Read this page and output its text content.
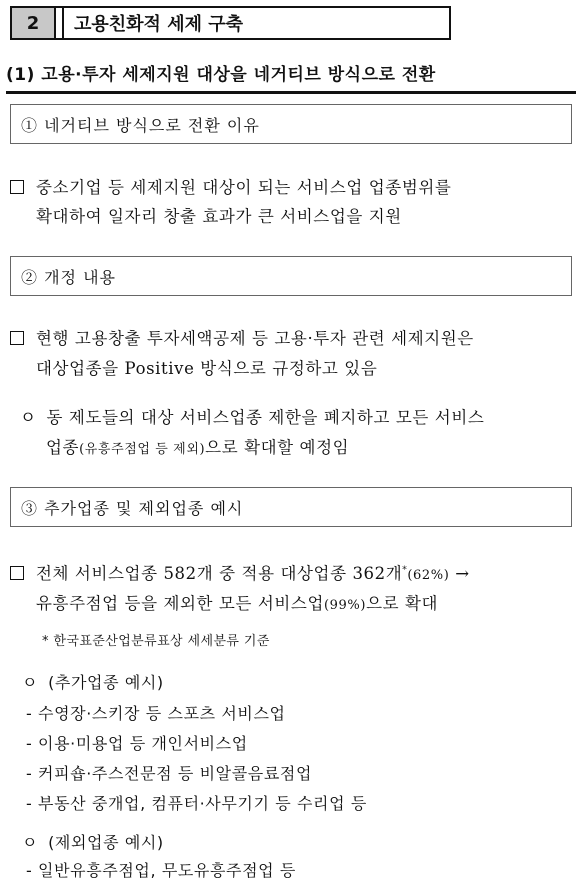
2	고용친화적 세제 구축
(1) 고용·투자 세제지원 대상을 네거티브 방식으로 전환
① 네거티브 방식으로 전환 이유
중소기업 등 세제지원 대상이 되는 서비스업 업종범위를
확대하여 일자리 창출 효과가 큰 서비스업을 지원
② 개정 내용
현행 고용창출 투자세액공제 등 고용·투자 관련 세제지원은
대상업종을 Positive 방식으로 규정하고 있음
ㅇ 동 제도들의 대상 서비스업종 제한을 폐지하고 모든 서비스
업종(유흥주점업 등 제외)으로 확대할 예정임
③ 추가업종 및 제외업종 예시
전체 서비스업종 582개 중 적용 대상업종 362개*(62%) →
유흥주점업 등을 제외한 모든 서비스업(99%)으로 확대
* 한국표준산업분류표상 세세분류 기준
ㅇ (추가업종 예시)
- 수영장·스키장 등 스포츠 서비스업
- 이용·미용업 등 개인서비스업
- 커피숍·주스전문점 등 비알콜음료점업
- 부동산 중개업, 컴퓨터·사무기기 등 수리업 등
ㅇ (제외업종 예시)
- 일반유흥주점업, 무도유흥주점업 등
